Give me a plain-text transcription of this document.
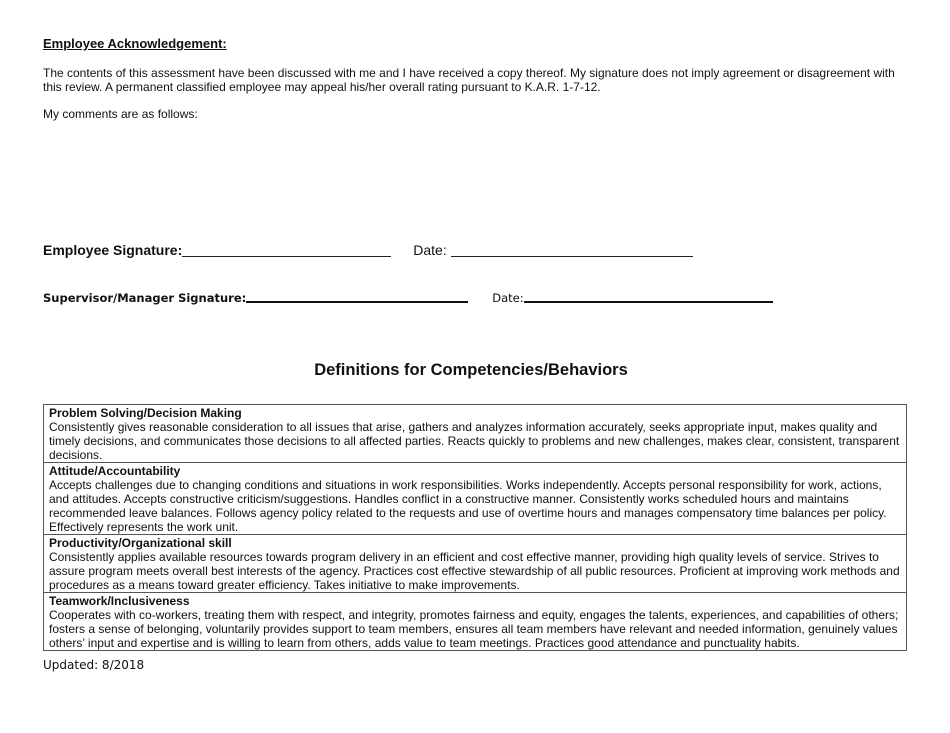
Employee Acknowledgement:
The contents of this assessment have been discussed with me and I have received a copy thereof. My signature does not imply agreement or disagreement with this review. A permanent classified employee may appeal his/her overall rating pursuant to K.A.R. 1-7-12.
My comments are as follows:
Employee Signature:	Date:
Supervisor/Manager Signature:	Date:
Definitions for Competencies/Behaviors
Problem Solving/Decision Making
Consistently gives reasonable consideration to all issues that arise, gathers and analyzes information accurately, seeks appropriate input, makes quality and timely decisions, and communicates those decisions to all affected parties. Reacts quickly to problems and new challenges, makes clear, consistent, transparent decisions.
Attitude/Accountability
Accepts challenges due to changing conditions and situations in work responsibilities. Works independently. Accepts personal responsibility for work, actions, and attitudes. Accepts constructive criticism/suggestions. Handles conflict in a constructive manner. Consistently works scheduled hours and maintains recommended leave balances. Follows agency policy related to the requests and use of overtime hours and manages compensatory time balances per policy. Effectively represents the work unit.
Productivity/Organizational skill
Consistently applies available resources towards program delivery in an efficient and cost effective manner, providing high quality levels of service. Strives to assure program meets overall best interests of the agency. Practices cost effective stewardship of all public resources. Proficient at improving work methods and procedures as a means toward greater efficiency. Takes initiative to make improvements.
Teamwork/Inclusiveness
Cooperates with co-workers, treating them with respect, and integrity, promotes fairness and equity, engages the talents, experiences, and capabilities of others; fosters a sense of belonging, voluntarily provides support to team members, ensures all team members have relevant and needed information, genuinely values others’ input and expertise and is willing to learn from others, adds value to team meetings. Practices good attendance and punctuality habits.
Updated: 8/2018
